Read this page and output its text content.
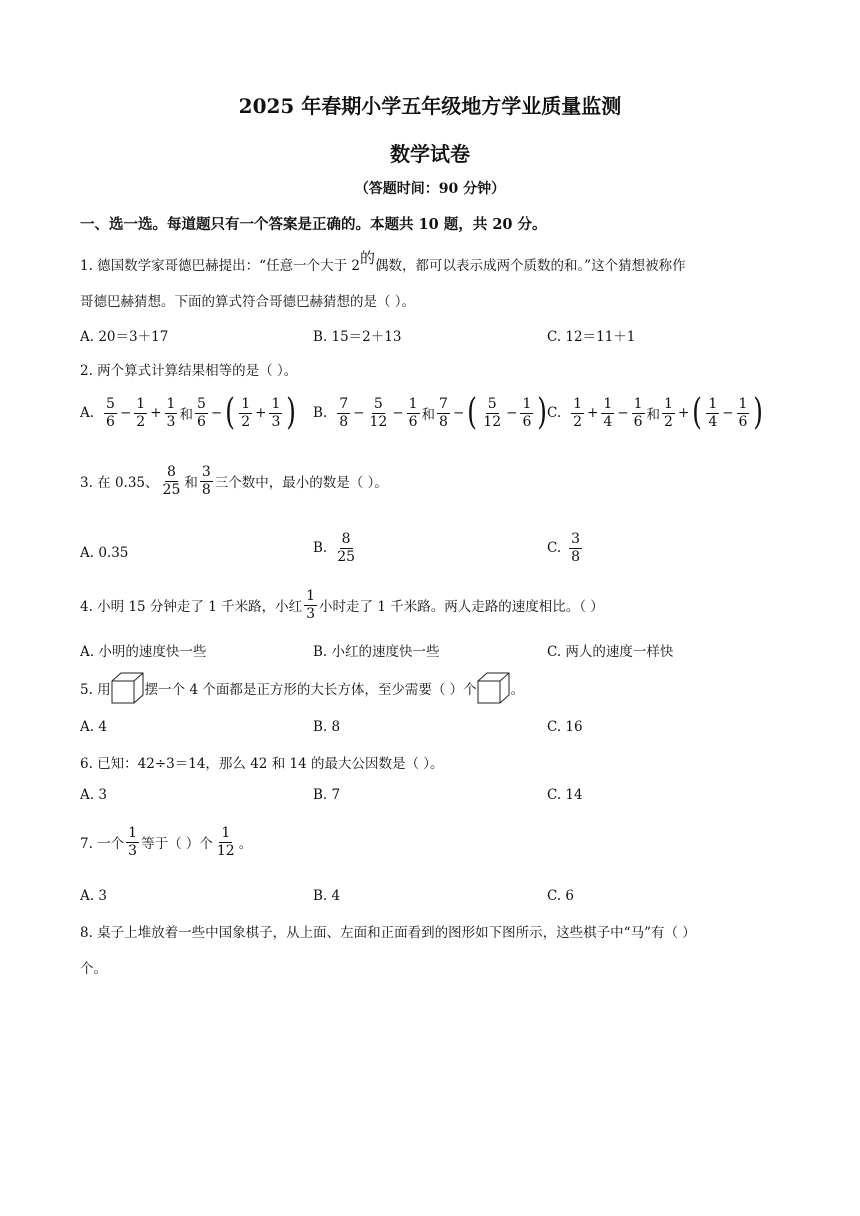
2025 年春期小学五年级地方学业质量监测
数学试卷
（答题时间：90 分钟）
一、选一选。每道题只有一个答案是正确的。本题共 10 题，共 20 分。
1. 德国数学家哥德巴赫提出：“任意一个大于 2的偶数，都可以表示成两个质数的和。”这个猜想被称作
哥德巴赫猜想。下面的算式符合哥德巴赫猜想的是（ ）。
A. 20＝3＋17	B. 15＝2＋13	C. 12＝11＋1
2. 两个算式计算结果相等的是（ ）。
A. $\frac{5}{6} - \frac{1}{2} + \frac{1}{3}$ 和 $\frac{5}{6}$ − ( $\frac{1}{2} + \frac{1}{3}$ ) B. $\frac{7}{8} - \frac{5}{12} - \frac{1}{6}$ 和 $\frac{7}{8}$ − ( $\frac{5}{12} - \frac{1}{6}$ ) C. $\frac{1}{2} + \frac{1}{4} - \frac{1}{6}$ 和 $\frac{1}{2}$ + ( $\frac{1}{4} - \frac{1}{6}$ )
3. 在 0.35、 $\frac{8}{25}$ 和 $\frac{3}{8}$ 三个数中，最小的数是（ ）。
A. 0.35	B. $\frac{8}{25}$	C. $\frac{3}{8}$
4. 小明 15 分钟走了 1 千米路，小红 $\frac{1}{3}$ 小时走了 1 千米路。两人走路的速度相比。（ ）
A. 小明的速度快一些	B. 小红的速度快一些	C. 两人的速度一样快
5. 用	摆一个 4 个面都是正方形的大长方体，至少需要（ ）个	。
A. 4	B. 8	C. 16
6. 已知：42÷3＝14，那么 42 和 14 的最大公因数是（ ）。
A. 3	B. 7	C. 14
7. 一个 $\frac{1}{3}$ 等于（ ）个 $\frac{1}{12}$ 。
A. 3	B. 4	C. 6
8. 桌子上堆放着一些中国象棋子，从上面、左面和正面看到的图形如下图所示，这些棋子中“马”有（ ）
个。
